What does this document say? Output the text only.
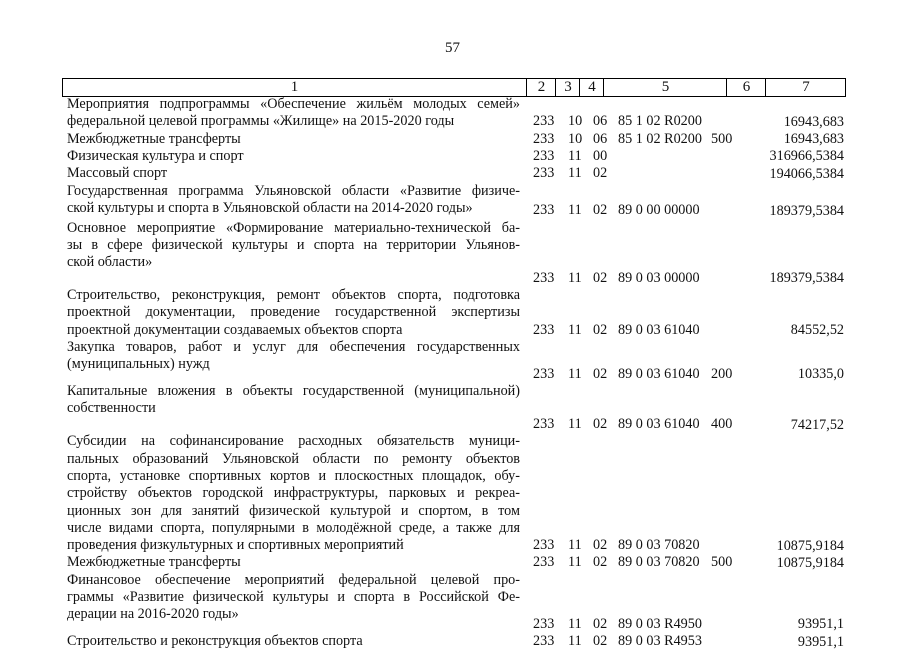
57
1	2	3	4	5	6	7
Мероприятия подпрограммы «Обеспечение жильём молодых семей»
федеральной целевой программы «Жилище» на 2015-2020 годы	233 10 06 85 1 02 R0200	16943,683
Межбюджетные трансферты	233 10 06 85 1 02 R0200 500	16943,683
Физическая культура и спорт	233 11 00	316966,5384
Массовый спорт	233 11 02	194066,5384
Государственная программа Ульяновской области «Развитие физиче-
ской культуры и спорта в Ульяновской области на 2014-2020 годы»	233 11 02 89 0 00 00000	189379,5384
Основное мероприятие «Формирование материально-технической ба-
зы в сфере физической культуры и спорта на территории Ульянов-
ской области»
233 11 02 89 0 03 00000	189379,5384
Строительство, реконструкция, ремонт объектов спорта, подготовка
проектной документации, проведение государственной экспертизы
проектной документации создаваемых объектов спорта	233 11 02 89 0 03 61040	84552,52
Закупка товаров, работ и услуг для обеспечения государственных
(муниципальных) нужд
233 11 02 89 0 03 61040 200	10335,0
Капитальные вложения в объекты государственной (муниципальной)
собственности
233 11 02 89 0 03 61040 400	74217,52
Субсидии на софинансирование расходных обязательств муници-
пальных образований Ульяновской области по ремонту объектов
спорта, установке спортивных кортов и плоскостных площадок, обу-
стройству объектов городской инфраструктуры, парковых и рекреа-
ционных зон для занятий физической культурой и спортом, в том
числе видами спорта, популярными в молодёжной среде, а также для
проведения физкультурных и спортивных мероприятий	233 11 02 89 0 03 70820	10875,9184
Межбюджетные трансферты	233 11 02 89 0 03 70820 500	10875,9184
Финансовое обеспечение мероприятий федеральной целевой про-
граммы «Развитие физической культуры и спорта в Российской Фе-
дерации на 2016-2020 годы»
233 11 02 89 0 03 R4950	93951,1
Строительство и реконструкция объектов спорта	233 11 02 89 0 03 R4953	93951,1
